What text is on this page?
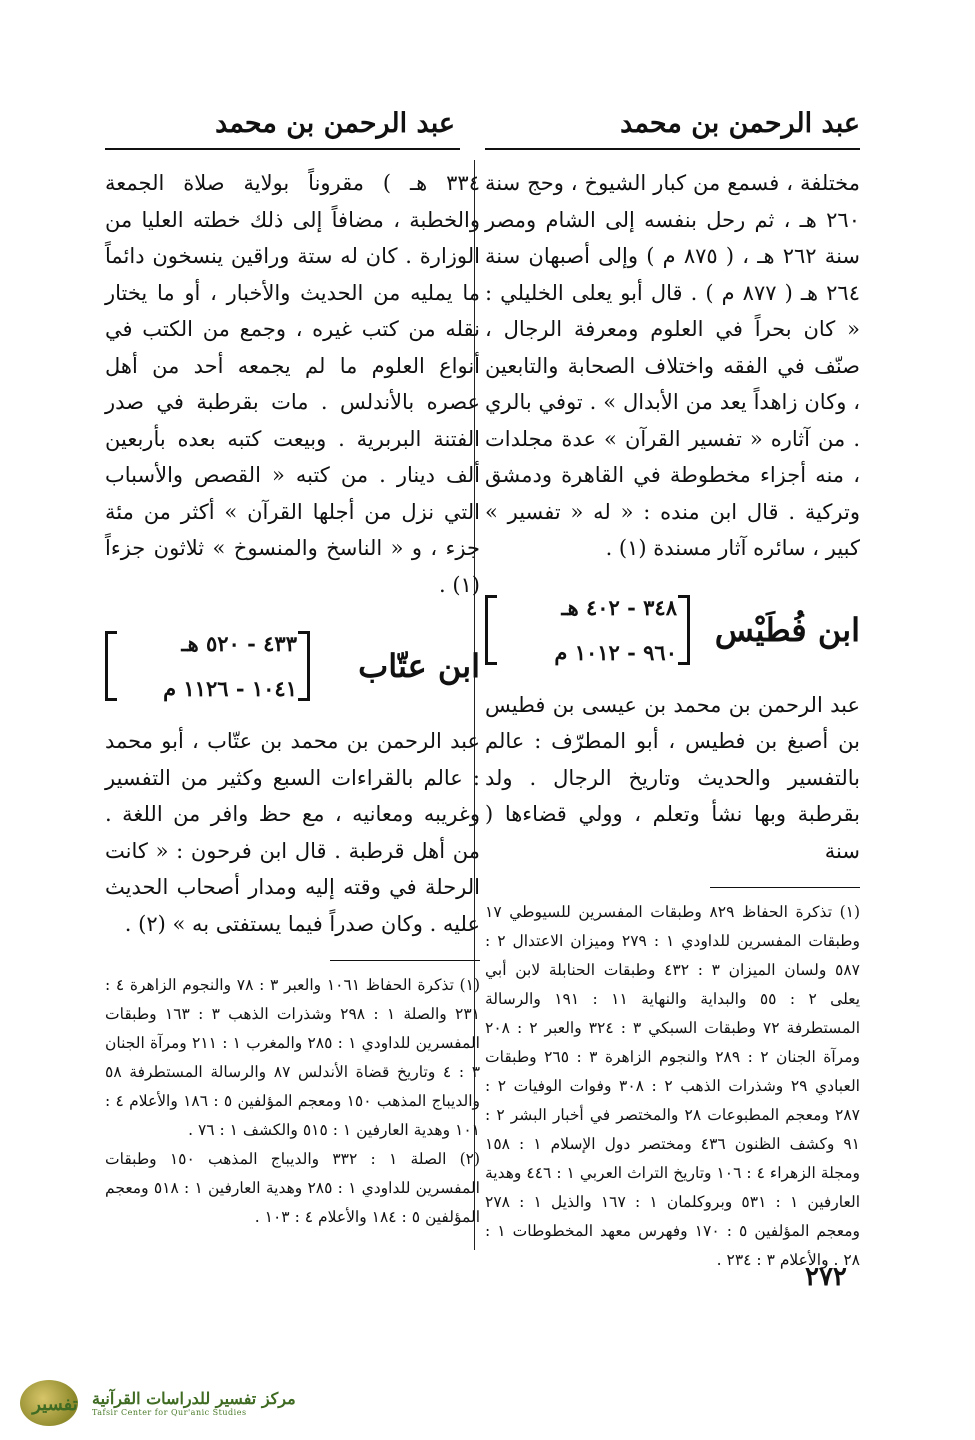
عبد الرحمن بن محمد
عبد الرحمن بن محمد

مختلفة ، فسمع من كبار الشيوخ ، وحج سنة ٢٦٠ هـ ، ثم رحل بنفسه إلى الشام ومصر سنة ٢٦٢ هـ ، ( ٨٧٥ م ) وإلى أصبهان سنة ٢٦٤ هـ ( ٨٧٧ م ) . قال أبو يعلى الخليلي : « كان بحراً في العلوم ومعرفة الرجال ، صنّف في الفقه واختلاف الصحابة والتابعين ، وكان زاهداً يعد من الأبدال » . توفي بالري . من آثاره « تفسير القرآن » عدة مجلدات ، منه أجزاء مخطوطة في القاهرة ودمشق وتركية . قال ابن منده : « له « تفسير » كبير ، سائره آثار مسندة (١) .

ابن فُطَيْس
٣٤٨ - ٤٠٢ هـ
٩٦٠ - ١٠١٢ م

عبد الرحمن بن محمد بن عيسى بن فطيس بن أصبغ بن فطيس ، أبو المطرّف : عالم بالتفسير والحديث وتاريخ الرجال . ولد بقرطبة وبها نشأ وتعلم ، وولي قضاءها ( سنة

(١) تذكرة الحفاظ ٨٢٩ وطبقات المفسرين للسيوطي ١٧ وطبقات المفسرين للداودي ١ : ٢٧٩ وميزان الاعتدال ٢ : ٥٨٧ ولسان الميزان ٣ : ٤٣٢ وطبقات الحنابلة لابن أبي يعلى ٢ : ٥٥ والبداية والنهاية ١١ : ١٩١ والرسالة المستطرفة ٧٢ وطبقات السبكي ٣ : ٣٢٤ والعبر ٢ : ٢٠٨ ومرآة الجنان ٢ : ٢٨٩ والنجوم الزاهرة ٣ : ٢٦٥ وطبقات العبادي ٢٩ وشذرات الذهب ٢ : ٣٠٨ وفوات الوفيات ٢ : ٢٨٧ ومعجم المطبوعات ٢٨ والمختصر في أخبار البشر ٢ : ٩١ وكشف الظنون ٤٣٦ ومختصر دول الإسلام ١ : ١٥٨ ومجلة الزهراء ٤ : ١٠٦ وتاريخ التراث العربي ١ : ٤٤٦ وهدية العارفين ١ : ٥٣١ وبروكلمان ١ : ١٦٧ والذيل ١ : ٢٧٨ ومعجم المؤلفين ٥ : ١٧٠ وفهرس معهد المخطوطات ١ : ٢٨ . والأعلام ٣ : ٢٣٤ .

٣٣٤ هـ ) مقروناً بولاية صلاة الجمعة والخطبة ، مضافاً إلى ذلك خطته العليا من الوزارة . كان له ستة وراقين ينسخون دائماً ما يمليه من الحديث والأخبار ، أو ما يختار نقله من كتب غيره ، وجمع من الكتب في أنواع العلوم ما لم يجمعه أحد من أهل عصره بالأندلس . مات بقرطبة في صدر الفتنة البربرية . وبيعت كتبه بعده بأربعين ألف دينار . من كتبه « القصص والأسباب التي نزل من أجلها القرآن » أكثر من مئة جزء ، و « الناسخ والمنسوخ » ثلاثون جزءاً (١) .

ابن عتّاب
٤٣٣ - ٥٢٠ هـ
١٠٤١ - ١١٢٦ م

عبد الرحمن بن محمد بن عتّاب ، أبو محمد : عالم بالقراءات السبع وكثير من التفسير وغريبه ومعانيه ، مع حظ وافر من اللغة . من أهل قرطبة . قال ابن فرحون : « كانت الرحلة في وقته إليه ومدار أصحاب الحديث عليه . وكان صدراً فيما يستفتى به » (٢) .

(١) تذكرة الحفاظ ١٠٦١ والعبر ٣ : ٧٨ والنجوم الزاهرة ٤ : ٢٣١ والصلة ١ : ٢٩٨ وشذرات الذهب ٣ : ١٦٣ وطبقات المفسرين للداودي ١ : ٢٨٥ والمغرب ١ : ٢١١ ومرآة الجنان ٣ : ٤ وتاريخ قضاة الأندلس ٨٧ والرسالة المستطرفة ٥٨ والديباج المذهب ١٥٠ ومعجم المؤلفين ٥ : ١٨٦ والأعلام ٤ : ١٠١ وهدية العارفين ١ : ٥١٥ والكشف ١ : ٧٦ .

(٢) الصلة ١ : ٣٣٢ والديباج المذهب ١٥٠ وطبقات المفسرين للداودي ١ : ٢٨٥ وهدية العارفين ١ : ٥١٨ ومعجم المؤلفين ٥ : ١٨٤ والأعلام ٤ : ١٠٣ .

٢٧٢
تفسير مركز تفسير للدراسات القرآنية
Tafsir Center for Qur'anic Studies
